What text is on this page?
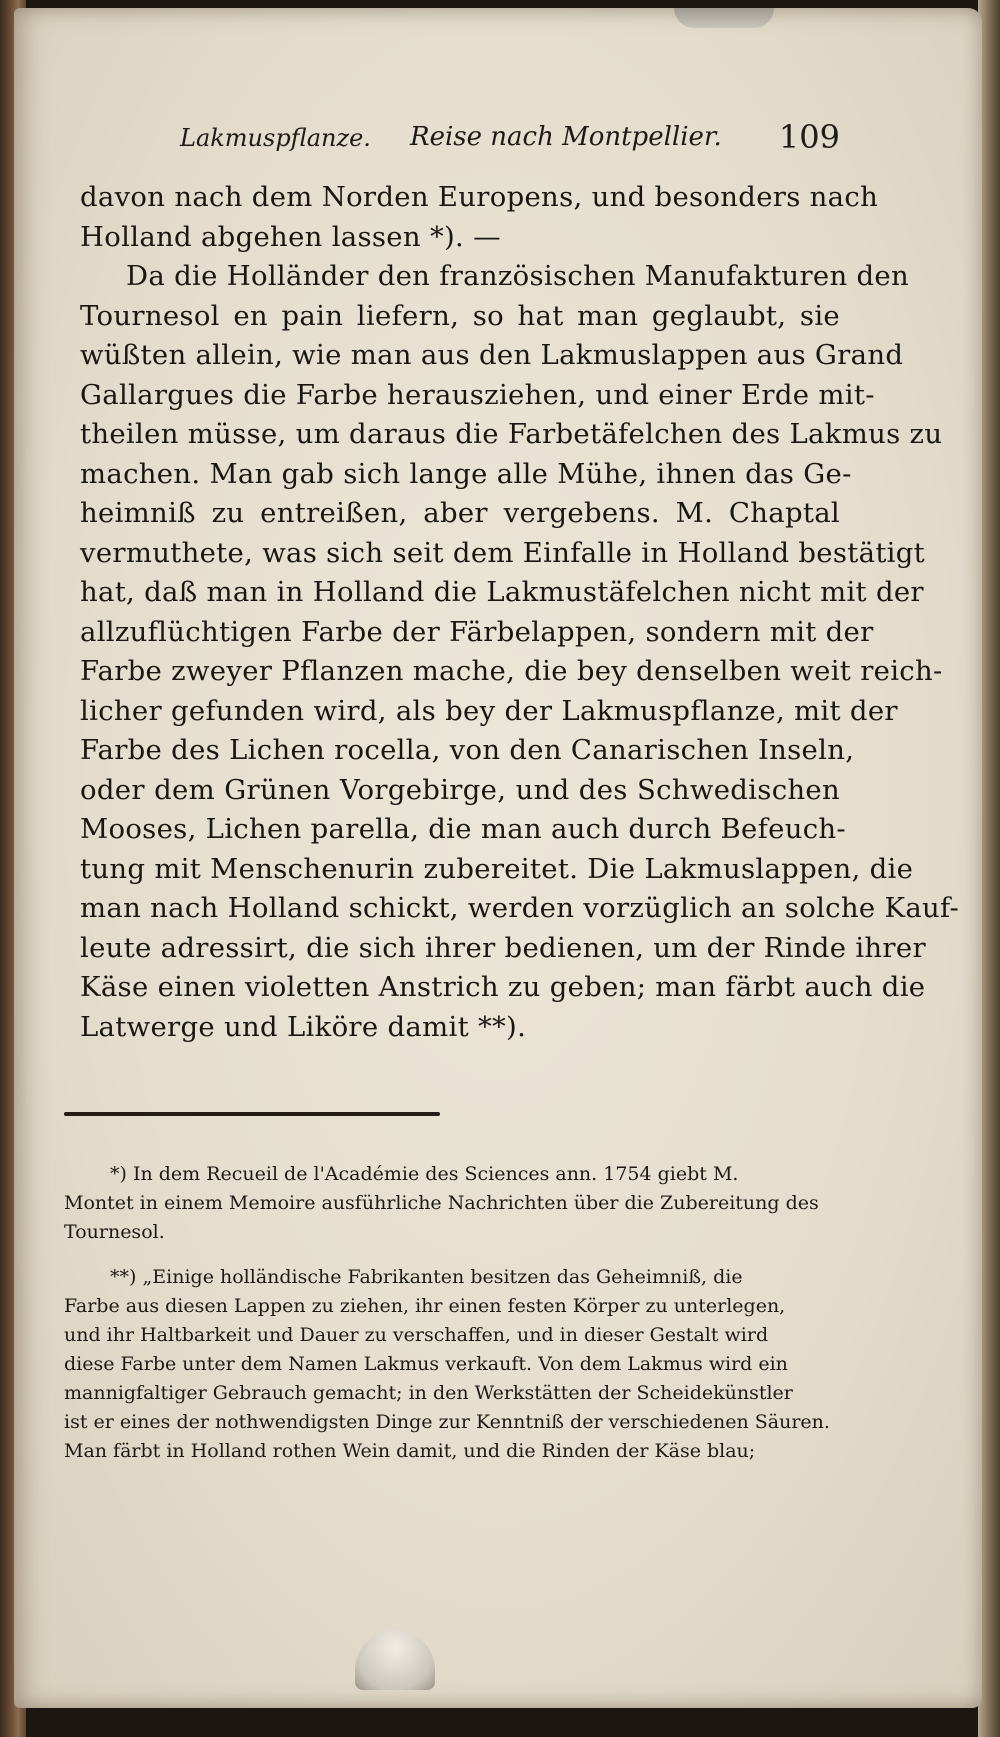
Lakmuspflanze. Reise nach Montpellier. 109
davon nach dem Norden Europens, und besonders nach
Holland abgehen lassen *). —
Da die Holländer den französischen Manufakturen den
Tournesol en pain liefern, so hat man geglaubt, sie
wüßten allein, wie man aus den Lakmuslappen aus Grand
Gallargues die Farbe herausziehen, und einer Erde mit-
theilen müsse, um daraus die Farbetäfelchen des Lakmus zu
machen. Man gab sich lange alle Mühe, ihnen das Ge-
heimniß zu entreißen, aber vergebens. M. Chaptal
vermuthete, was sich seit dem Einfalle in Holland bestätigt
hat, daß man in Holland die Lakmustäfelchen nicht mit der
allzuflüchtigen Farbe der Färbelappen, sondern mit der
Farbe zweyer Pflanzen mache, die bey denselben weit reich-
licher gefunden wird, als bey der Lakmuspflanze, mit der
Farbe des Lichen rocella, von den Canarischen Inseln,
oder dem Grünen Vorgebirge, und des Schwedischen
Mooses, Lichen parella, die man auch durch Befeuch-
tung mit Menschenurin zubereitet. Die Lakmuslappen, die
man nach Holland schickt, werden vorzüglich an solche Kauf-
leute adressirt, die sich ihrer bedienen, um der Rinde ihrer
Käse einen violetten Anstrich zu geben; man färbt auch die
Latwerge und Liköre damit **).
*) In dem Recueil de l'Académie des Sciences ann. 1754 giebt M.
Montet in einem Memoire ausführliche Nachrichten über die Zubereitung des
Tournesol.
**) „Einige holländische Fabrikanten besitzen das Geheimniß, die
Farbe aus diesen Lappen zu ziehen, ihr einen festen Körper zu unterlegen,
und ihr Haltbarkeit und Dauer zu verschaffen, und in dieser Gestalt wird
diese Farbe unter dem Namen Lakmus verkauft. Von dem Lakmus wird ein
mannigfaltiger Gebrauch gemacht; in den Werkstätten der Scheidekünstler
ist er eines der nothwendigsten Dinge zur Kenntniß der verschiedenen Säuren.
Man färbt in Holland rothen Wein damit, und die Rinden der Käse blau;
